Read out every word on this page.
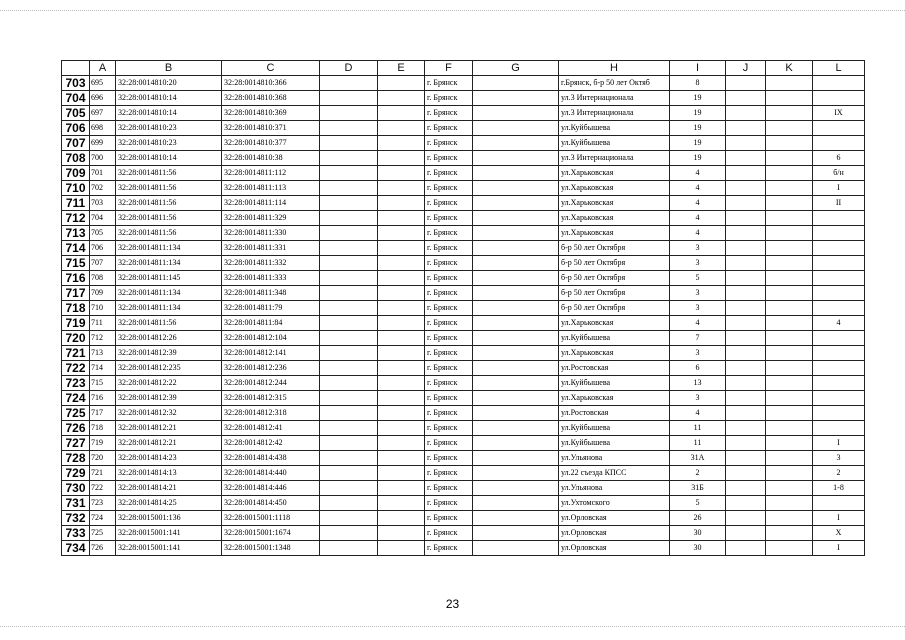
	A	B	C	D	E	F	G	H	I	J	K	L
703	695	32:28:0014810:20	32:28:0014810:366			г. Брянск		г.Брянск, б-р 50 лет Октяб	8			
704	696	32:28:0014810:14	32:28:0014810:368			г. Брянск		ул.3 Интернационала	19			
705	697	32:28:0014810:14	32:28:0014810:369			г. Брянск		ул.3 Интернационала	19			IX
706	698	32:28:0014810:23	32:28:0014810:371			г. Брянск		ул.Куйбышева	19			
707	699	32:28:0014810:23	32:28:0014810:377			г. Брянск		ул.Куйбышева	19			
708	700	32:28:0014810:14	32:28:0014810:38			г. Брянск		ул.3 Интернационала	19			6
709	701	32:28:0014811:56	32:28:0014811:112			г. Брянск		ул.Харьковская	4			б/н
710	702	32:28:0014811:56	32:28:0014811:113			г. Брянск		ул.Харьковская	4			I
711	703	32:28:0014811:56	32:28:0014811:114			г. Брянск		ул.Харьковская	4			II
712	704	32:28:0014811:56	32:28:0014811:329			г. Брянск		ул.Харьковская	4			
713	705	32:28:0014811:56	32:28:0014811:330			г. Брянск		ул.Харьковская	4			
714	706	32:28:0014811:134	32:28:0014811:331			г. Брянск		б-р 50 лет Октября	3			
715	707	32:28:0014811:134	32:28:0014811:332			г. Брянск		б-р 50 лет Октября	3			
716	708	32:28:0014811:145	32:28:0014811:333			г. Брянск		б-р 50 лет Октября	5			
717	709	32:28:0014811:134	32:28:0014811:348			г. Брянск		б-р 50 лет Октября	3			
718	710	32:28:0014811:134	32:28:0014811:79			г. Брянск		б-р 50 лет Октября	3			
719	711	32:28:0014811:56	32:28:0014811:84			г. Брянск		ул.Харьковская	4			4
720	712	32:28:0014812:26	32:28:0014812:104			г. Брянск		ул.Куйбышева	7			
721	713	32:28:0014812:39	32:28:0014812:141			г. Брянск		ул.Харьковская	3			
722	714	32:28:0014812:235	32:28:0014812:236			г. Брянск		ул.Ростовская	6			
723	715	32:28:0014812:22	32:28:0014812:244			г. Брянск		ул.Куйбышева	13			
724	716	32:28:0014812:39	32:28:0014812:315			г. Брянск		ул.Харьковская	3			
725	717	32:28:0014812:32	32:28:0014812:318			г. Брянск		ул.Ростовская	4			
726	718	32:28:0014812:21	32:28:0014812:41			г. Брянск		ул.Куйбышева	11			
727	719	32:28:0014812:21	32:28:0014812:42			г. Брянск		ул.Куйбышева	11			I
728	720	32:28:0014814:23	32:28:0014814:438			г. Брянск		ул.Ульянова	31А			3
729	721	32:28:0014814:13	32:28:0014814:440			г. Брянск		ул.22 съезда КПСС	2			2
730	722	32:28:0014814:21	32:28:0014814:446			г. Брянск		ул.Ульянова	31Б			1-8
731	723	32:28:0014814:25	32:28:0014814:450			г. Брянск		ул.Ухтомского	5			
732	724	32:28:0015001:136	32:28:0015001:1118			г. Брянск		ул.Орловская	26			I
733	725	32:28:0015001:141	32:28:0015001:1674			г. Брянск		ул.Орловская	30			X
734	726	32:28:0015001:141	32:28:0015001:1348			г. Брянск		ул.Орловская	30			I
23
